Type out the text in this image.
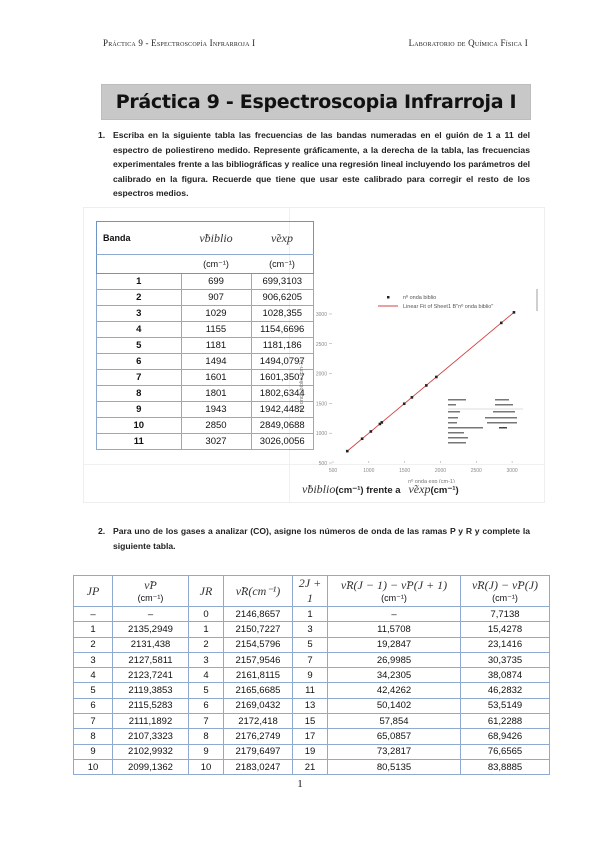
Práctica 9 - Espectroscopía Infrarroja I	Laboratorio de Química Física I
Práctica 9 - Espectroscopia Infrarroja I
1. Escriba en la siguiente tabla las frecuencias de las bandas numeradas en el guión de 1 a 11 del espectro de poliestireno medido. Represente gráficamente, a la derecha de la tabla, las frecuencias experimentales frente a las bibliográficas y realice una regresión lineal incluyendo los parámetros del calibrado en la figura. Recuerde que tiene que usar este calibrado para corregir el resto de los espectros medios.
Banda	ν̃biblio	ν̃exp
	(cm⁻¹)	(cm⁻¹)
1	699	699,3103
2	907	906,6205
3	1029	1028,355
4	1155	1154,6696
5	1181	1181,186
6	1494	1494,0797
7	1601	1601,3507
8	1801	1802,6344
9	1943	1942,4482
10	2850	2849,0688
11	3027	3026,0056
nº onda biblio
Linear Fit of Sheet1 B"nº onda biblio"
500	1000	1500	2000	2500	3000
500
1000
1500
2000
2500
3000
nº onda exp (cm-1)
nº onda biblio (cm-1)
ν̃biblio(cm⁻¹) frente a ν̃exp(cm⁻¹)
2. Para uno de los gases a analizar (CO), asigne los números de onda de las ramas P y R y complete la siguiente tabla.
JP	ν̃P
(cm⁻¹)	JR	ν̃R(cm⁻¹)	2J + 1	ν̃R(J − 1) − ν̃P(J + 1)
(cm⁻¹)	ν̃R(J) − ν̃P(J)
(cm⁻¹)
–	–	0	2146,8657	1	–	7,7138
1	2135,2949	1	2150,7227	3	11,5708	15,4278
2	2131,438	2	2154,5796	5	19,2847	23,1416
3	2127,5811	3	2157,9546	7	26,9985	30,3735
4	2123,7241	4	2161,8115	9	34,2305	38,0874
5	2119,3853	5	2165,6685	11	42,4262	46,2832
6	2115,5283	6	2169,0432	13	50,1402	53,5149
7	2111,1892	7	2172,418	15	57,854	61,2288
8	2107,3323	8	2176,2749	17	65,0857	68,9426
9	2102,9932	9	2179,6497	19	73,2817	76,6565
10	2099,1362	10	2183,0247	21	80,5135	83,8885
1
